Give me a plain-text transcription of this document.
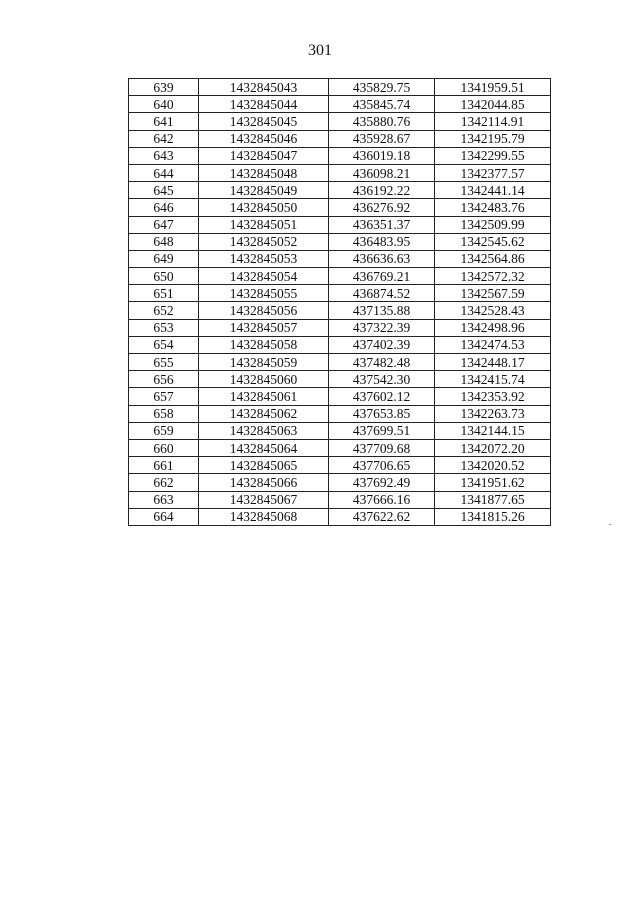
301
639	1432845043	435829.75	1341959.51
640	1432845044	435845.74	1342044.85
641	1432845045	435880.76	1342114.91
642	1432845046	435928.67	1342195.79
643	1432845047	436019.18	1342299.55
644	1432845048	436098.21	1342377.57
645	1432845049	436192.22	1342441.14
646	1432845050	436276.92	1342483.76
647	1432845051	436351.37	1342509.99
648	1432845052	436483.95	1342545.62
649	1432845053	436636.63	1342564.86
650	1432845054	436769.21	1342572.32
651	1432845055	436874.52	1342567.59
652	1432845056	437135.88	1342528.43
653	1432845057	437322.39	1342498.96
654	1432845058	437402.39	1342474.53
655	1432845059	437482.48	1342448.17
656	1432845060	437542.30	1342415.74
657	1432845061	437602.12	1342353.92
658	1432845062	437653.85	1342263.73
659	1432845063	437699.51	1342144.15
660	1432845064	437709.68	1342072.20
661	1432845065	437706.65	1342020.52
662	1432845066	437692.49	1341951.62
663	1432845067	437666.16	1341877.65
664	1432845068	437622.62	1341815.26
